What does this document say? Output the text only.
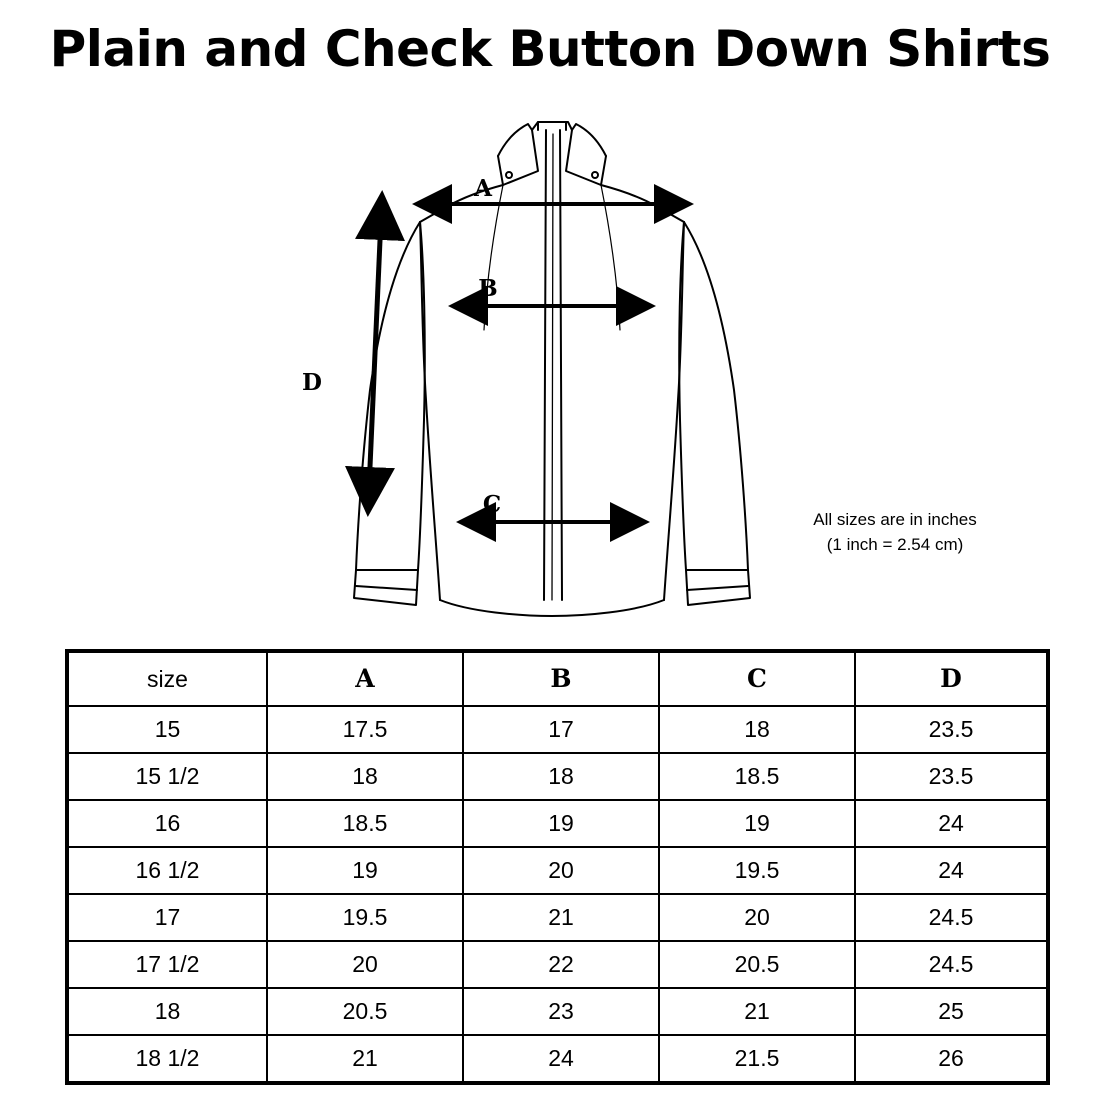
Plain and Check Button Down Shirts
A
B
C
D
All sizes are in inches
(1 inch = 2.54 cm)
size	A	B	C	D
15	17.5	17	18	23.5
15 1/2	18	18	18.5	23.5
16	18.5	19	19	24
16 1/2	19	20	19.5	24
17	19.5	21	20	24.5
17 1/2	20	22	20.5	24.5
18	20.5	23	21	25
18 1/2	21	24	21.5	26
